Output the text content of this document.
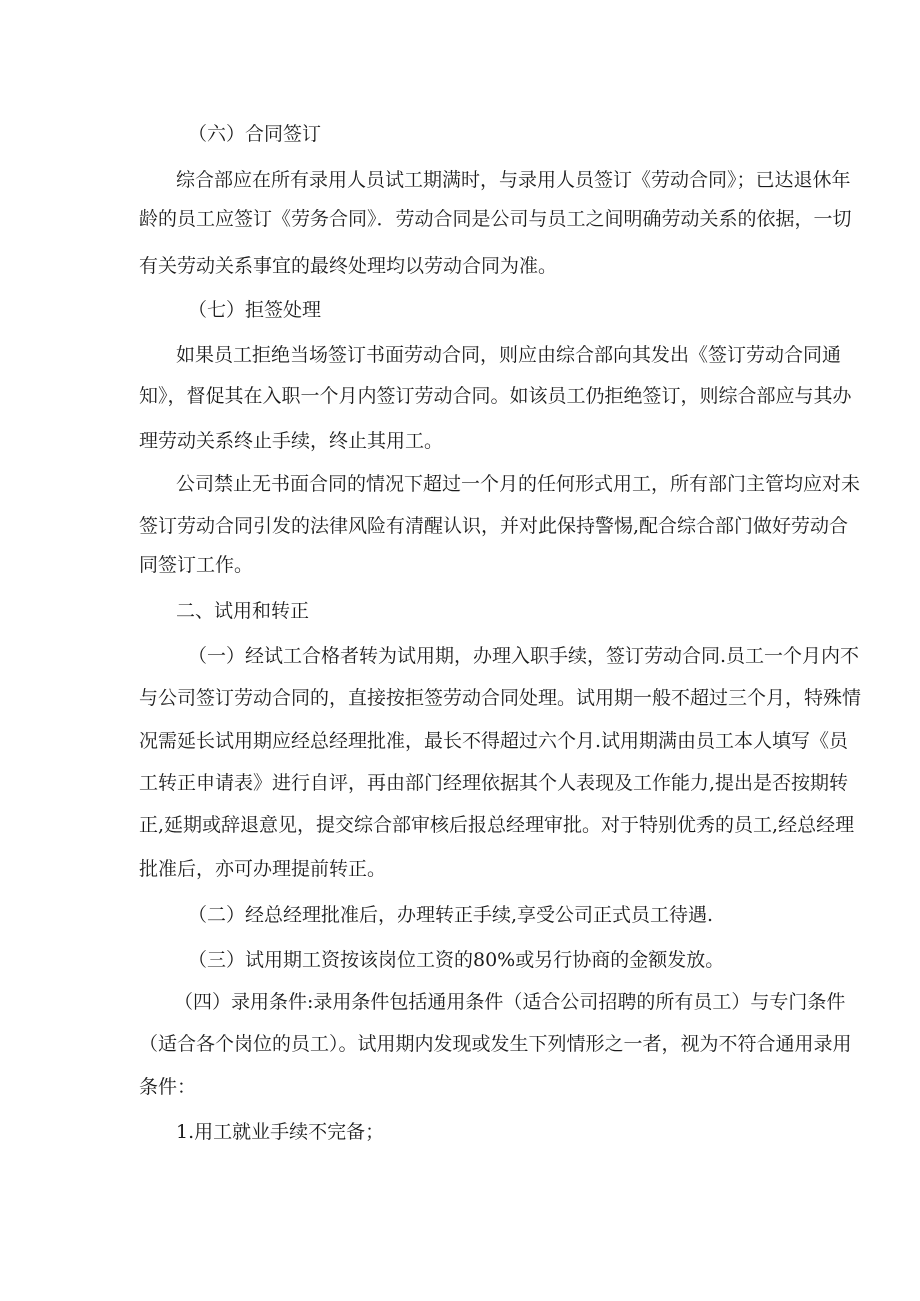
（六）合同签订
综合部应在所有录用人员试工期满时，与录用人员签订《劳动合同》；已达退休年
龄的员工应签订《劳务合同》．劳动合同是公司与员工之间明确劳动关系的依据，一切
有关劳动关系事宜的最终处理均以劳动合同为准。
（七）拒签处理
如果员工拒绝当场签订书面劳动合同，则应由综合部向其发出《签订劳动合同通
知》，督促其在入职一个月内签订劳动合同。如该员工仍拒绝签订，则综合部应与其办
理劳动关系终止手续，终止其用工。
公司禁止无书面合同的情况下超过一个月的任何形式用工，所有部门主管均应对未
签订劳动合同引发的法律风险有清醒认识，并对此保持警惕,配合综合部门做好劳动合
同签订工作。
二、试用和转正
（一）经试工合格者转为试用期，办理入职手续，签订劳动合同.员工一个月内不
与公司签订劳动合同的，直接按拒签劳动合同处理。试用期一般不超过三个月，特殊情
况需延长试用期应经总经理批准，最长不得超过六个月.试用期满由员工本人填写《员
工转正申请表》进行自评，再由部门经理依据其个人表现及工作能力,提出是否按期转
正,延期或辞退意见，提交综合部审核后报总经理审批。对于特别优秀的员工,经总经理
批准后，亦可办理提前转正。
（二）经总经理批准后，办理转正手续,享受公司正式员工待遇.
（三）试用期工资按该岗位工资的80%或另行协商的金额发放。
（四）录用条件:录用条件包括通用条件（适合公司招聘的所有员工）与专门条件
（适合各个岗位的员工）。试用期内发现或发生下列情形之一者，视为不符合通用录用
条件：
1.用工就业手续不完备；
